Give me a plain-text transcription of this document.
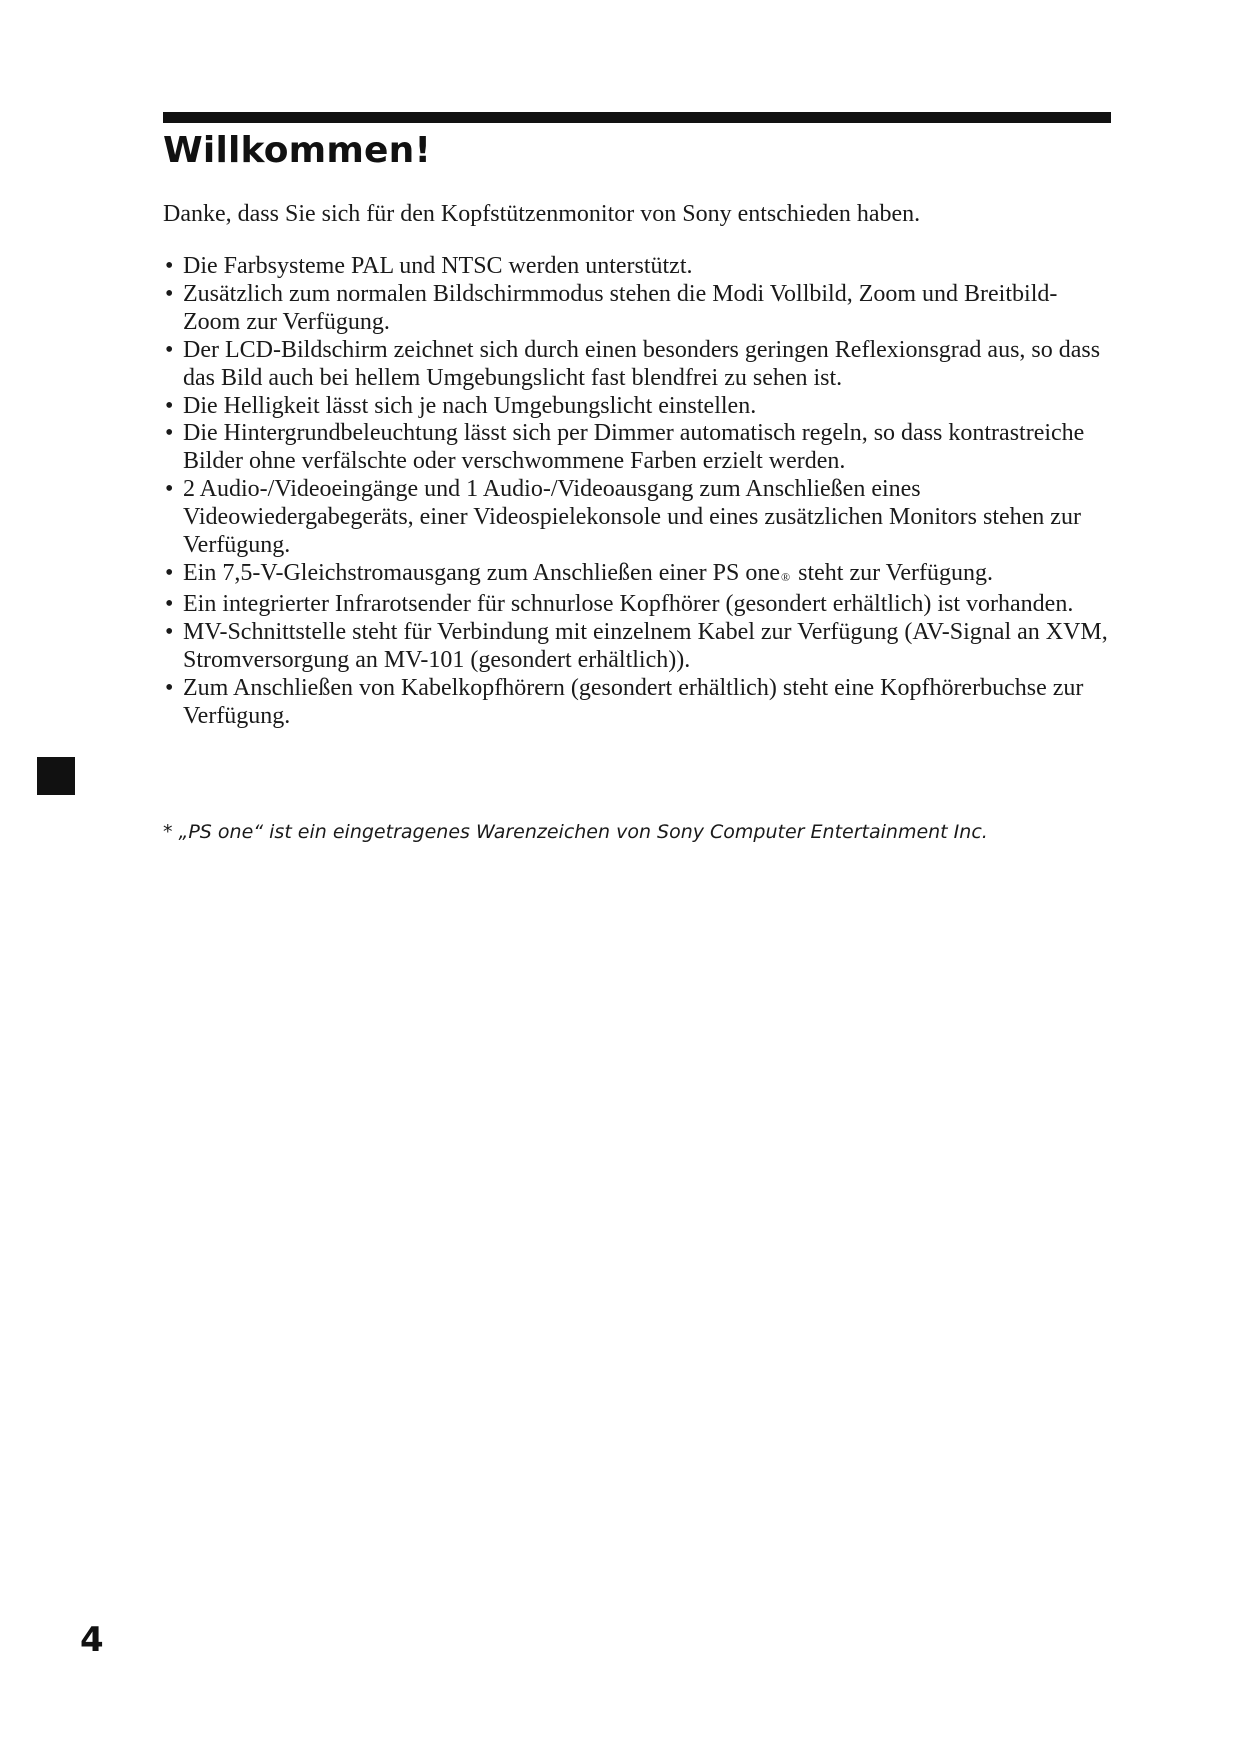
Willkommen!

Danke, dass Sie sich für den Kopfstützenmonitor von Sony entschieden haben.

• Die Farbsysteme PAL und NTSC werden unterstützt.
• Zusätzlich zum normalen Bildschirmmodus stehen die Modi Vollbild, Zoom und Breitbild-Zoom zur Verfügung.
• Der LCD-Bildschirm zeichnet sich durch einen besonders geringen Reflexionsgrad aus, so dass das Bild auch bei hellem Umgebungslicht fast blendfrei zu sehen ist.
• Die Helligkeit lässt sich je nach Umgebungslicht einstellen.
• Die Hintergrundbeleuchtung lässt sich per Dimmer automatisch regeln, so dass kontrastreiche Bilder ohne verfälschte oder verschwommene Farben erzielt werden.
• 2 Audio-/Videoeingänge und 1 Audio-/Videoausgang zum Anschließen eines Videowiedergabegeräts, einer Videospielekonsole und eines zusätzlichen Monitors stehen zur Verfügung.
• Ein 7,5-V-Gleichstromausgang zum Anschließen einer PS one® steht zur Verfügung.
• Ein integrierter Infrarotsender für schnurlose Kopfhörer (gesondert erhältlich) ist vorhanden.
• MV-Schnittstelle steht für Verbindung mit einzelnem Kabel zur Verfügung (AV-Signal an XVM, Stromversorgung an MV-101 (gesondert erhältlich)).
• Zum Anschließen von Kabelkopfhörern (gesondert erhältlich) steht eine Kopfhörerbuchse zur Verfügung.

* „PS one“ ist ein eingetragenes Warenzeichen von Sony Computer Entertainment Inc.

4
